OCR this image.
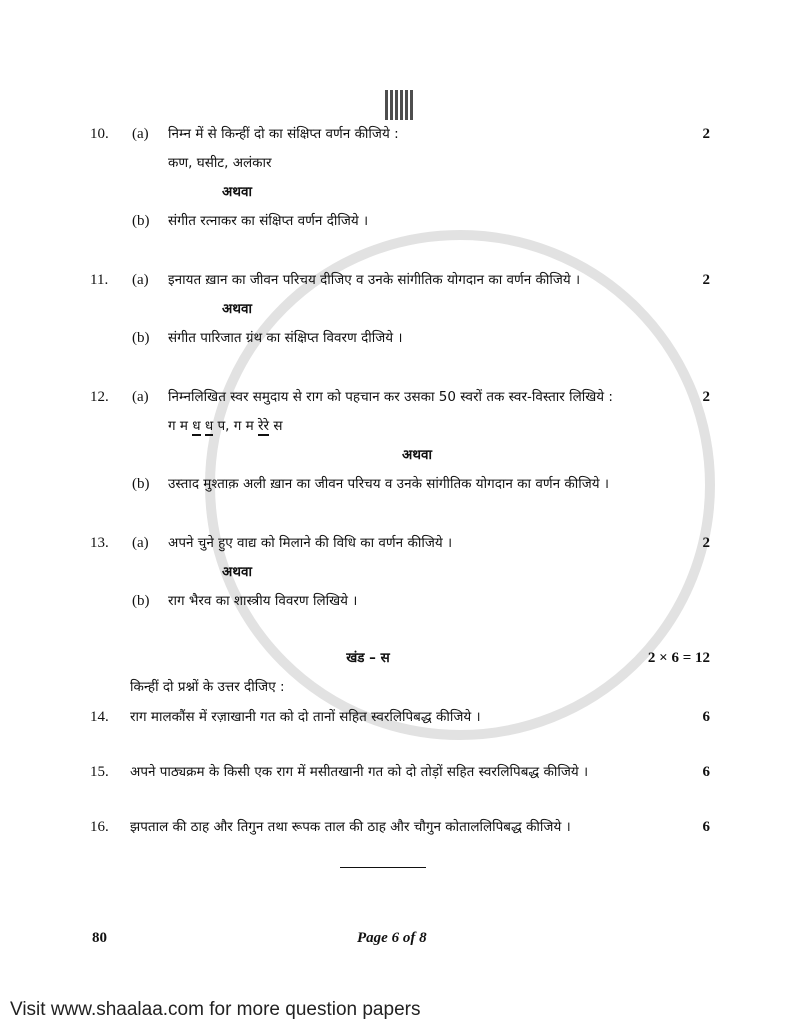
10.	(a)	निम्न में से किन्हीं दो का संक्षिप्त वर्णन कीजिये :	2
कण, घसीट, अलंकार
अथवा
(b)	संगीत रत्नाकर का संक्षिप्त वर्णन दीजिये ।
11.	(a)	इनायत ख़ान का जीवन परिचय दीजिए व उनके सांगीतिक योगदान का वर्णन कीजिये ।	2
अथवा
(b)	संगीत पारिजात ग्रंथ का संक्षिप्त विवरण दीजिये ।
12.	(a)	निम्नलिखित स्वर समुदाय से राग को पहचान कर उसका 50 स्वरों तक स्वर-विस्तार लिखिये :	2
ग म ध ध प, ग म रेरे स
अथवा
(b)	उस्ताद मुश्ताक़ अली ख़ान का जीवन परिचय व उनके सांगीतिक योगदान का वर्णन कीजिये ।
13.	(a)	अपने चुने हुए वाद्य को मिलाने की विधि का वर्णन कीजिये ।	2
अथवा
(b)	राग भैरव का शास्त्रीय विवरण लिखिये ।
खंड – स	2 × 6 = 12
किन्हीं दो प्रश्नों के उत्तर दीजिए :
14.	राग मालकौंस में रज़ाखानी गत को दो तानों सहित स्वरलिपिबद्ध कीजिये ।	6
15.	अपने पाठ्यक्रम के किसी एक राग में मसीतखानी गत को दो तोड़ों सहित स्वरलिपिबद्ध कीजिये ।	6
16.	झपताल की ठाह और तिगुन तथा रूपक ताल की ठाह और चौगुन कोताललिपिबद्ध कीजिये ।	6
80	Page 6 of 8
Visit www.shaalaa.com for more question papers
